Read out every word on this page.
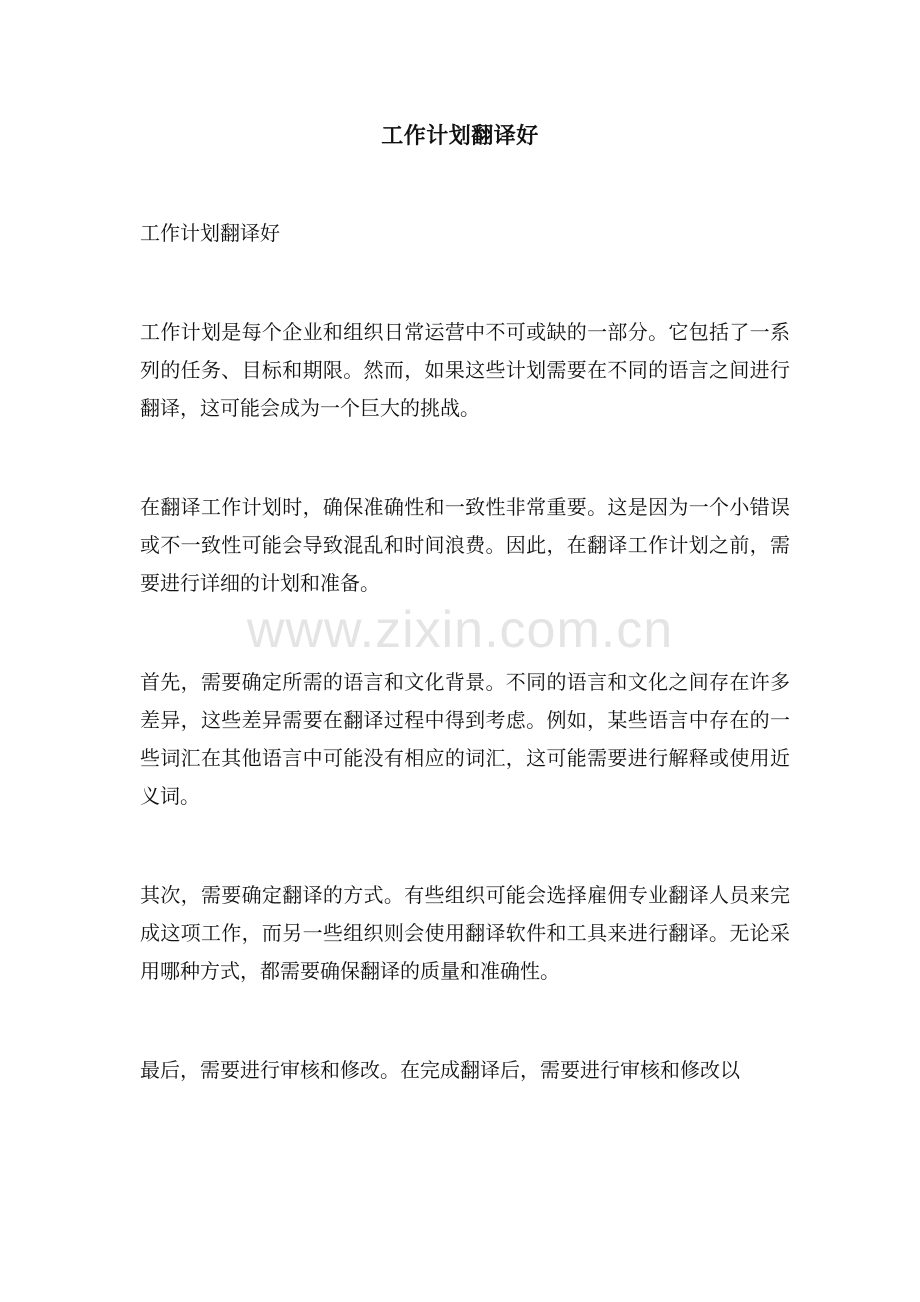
工作计划翻译好

工作计划翻译好

工作计划是每个企业和组织日常运营中不可或缺的一部分。它包括了一系列的任务、目标和期限。然而，如果这些计划需要在不同的语言之间进行翻译，这可能会成为一个巨大的挑战。

在翻译工作计划时，确保准确性和一致性非常重要。这是因为一个小错误或不一致性可能会导致混乱和时间浪费。因此，在翻译工作计划之前，需要进行详细的计划和准备。

首先，需要确定所需的语言和文化背景。不同的语言和文化之间存在许多差异，这些差异需要在翻译过程中得到考虑。例如，某些语言中存在的一些词汇在其他语言中可能没有相应的词汇，这可能需要进行解释或使用近义词。

其次，需要确定翻译的方式。有些组织可能会选择雇佣专业翻译人员来完成这项工作，而另一些组织则会使用翻译软件和工具来进行翻译。无论采用哪种方式，都需要确保翻译的质量和准确性。

最后，需要进行审核和修改。在完成翻译后，需要进行审核和修改以

www.zixin.com.cn
